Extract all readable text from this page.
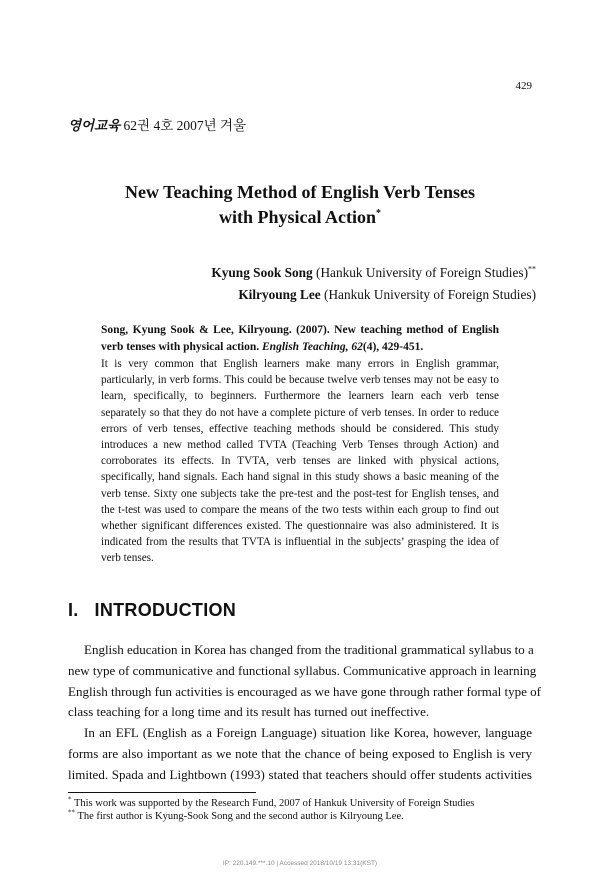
429
영어교육 62권 4호 2007년 겨울
New Teaching Method of English Verb Tenses
with Physical Action*
Kyung Sook Song (Hankuk University of Foreign Studies)**
Kilryoung Lee (Hankuk University of Foreign Studies)
Song, Kyung Sook & Lee, Kilryoung. (2007). New teaching method of English verb tenses with physical action. English Teaching, 62(4), 429-451.
It is very common that English learners make many errors in English grammar,
particularly, in verb forms. This could be because twelve verb tenses may not be easy to
learn, specifically, to beginners. Furthermore the learners learn each verb tense
separately so that they do not have a complete picture of verb tenses. In order to reduce
errors of verb tenses, effective teaching methods should be considered. This study
introduces a new method called TVTA (Teaching Verb Tenses through Action) and
corroborates its effects. In TVTA, verb tenses are linked with physical actions,
specifically, hand signals. Each hand signal in this study shows a basic meaning of the
verb tense. Sixty one subjects take the pre-test and the post-test for English tenses, and
the t-test was used to compare the means of the two tests within each group to find out
whether significant differences existed. The questionnaire was also administered. It is
indicated from the results that TVTA is influential in the subjects’ grasping the idea of
verb tenses.
I. INTRODUCTION
English education in Korea has changed from the traditional grammatical syllabus to a
new type of communicative and functional syllabus. Communicative approach in learning
English through fun activities is encouraged as we have gone through rather formal type of
class teaching for a long time and its result has turned out ineffective.
In an EFL (English as a Foreign Language) situation like Korea, however, language
forms are also important as we note that the chance of being exposed to English is very
limited. Spada and Lightbown (1993) stated that teachers should offer students activities
* This work was supported by the Research Fund, 2007 of Hankuk University of Foreign Studies
** The first author is Kyung-Sook Song and the second author is Kilryoung Lee.
IP: 220.149.***.10 | Accessed 2018/10/19 13:31(KST)
